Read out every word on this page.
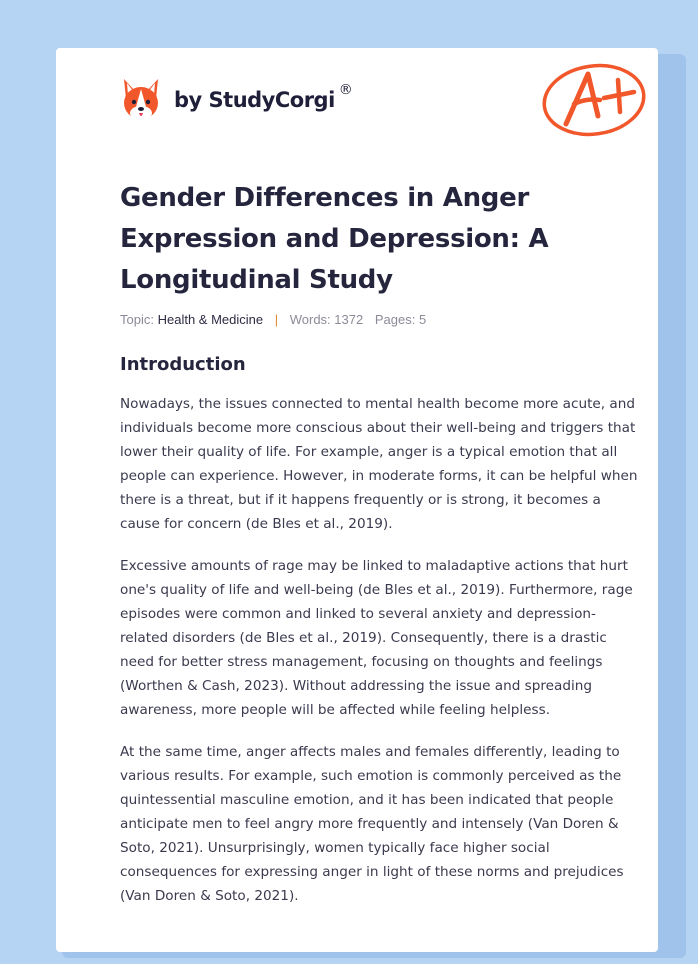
by StudyCorgi ®
Gender Differences in Anger Expression and Depression: A Longitudinal Study
Topic: Health & Medicine | Words: 1372 Pages: 5
Introduction

Nowadays, the issues connected to mental health become more acute, and individuals become more conscious about their well-being and triggers that lower their quality of life. For example, anger is a typical emotion that all people can experience. However, in moderate forms, it can be helpful when there is a threat, but if it happens frequently or is strong, it becomes a cause for concern (de Bles et al., 2019).

Excessive amounts of rage may be linked to maladaptive actions that hurt one's quality of life and well-being (de Bles et al., 2019). Furthermore, rage episodes were common and linked to several anxiety and depression-related disorders (de Bles et al., 2019). Consequently, there is a drastic need for better stress management, focusing on thoughts and feelings (Worthen & Cash, 2023). Without addressing the issue and spreading awareness, more people will be affected while feeling helpless.

At the same time, anger affects males and females differently, leading to various results. For example, such emotion is commonly perceived as the quintessential masculine emotion, and it has been indicated that people anticipate men to feel angry more frequently and intensely (Van Doren & Soto, 2021). Unsurprisingly, women typically face higher social consequences for expressing anger in light of these norms and prejudices (Van Doren & Soto, 2021).
